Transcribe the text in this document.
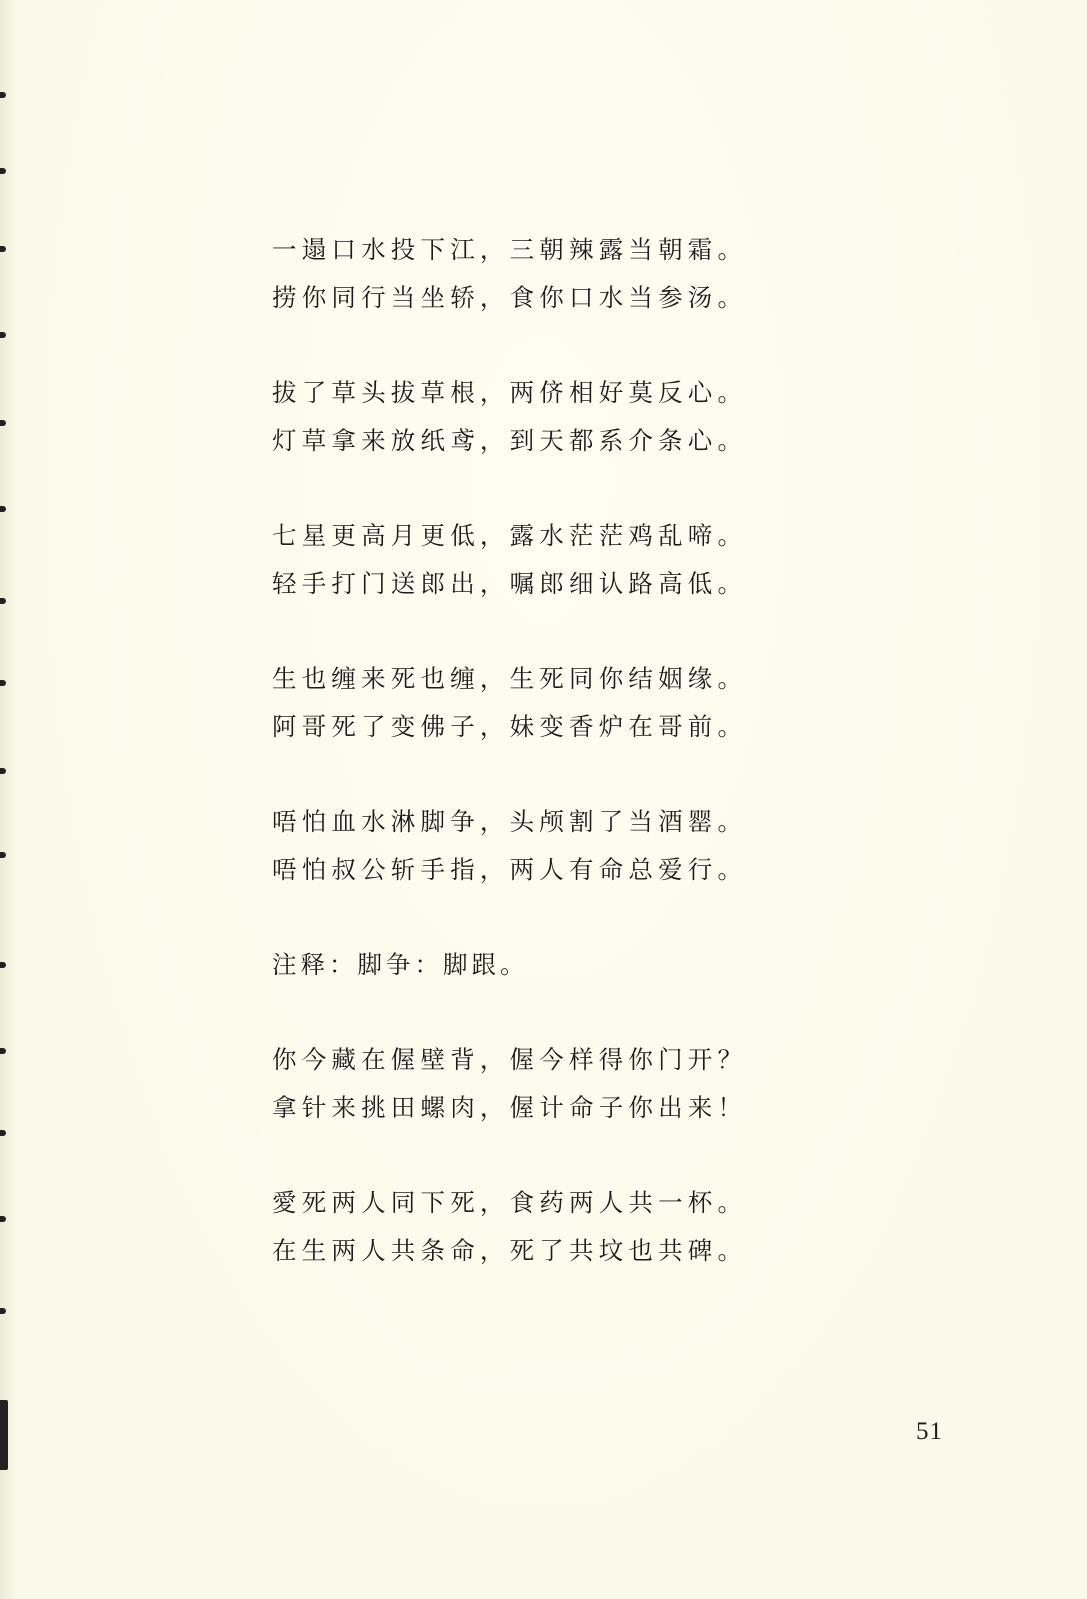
一遢口水投下江，三朝辣露当朝霜。
捞你同行当坐轿，食你口水当参汤。
拔了草头拔草根，两侪相好莫反心。
灯草拿来放纸鸢，到天都系介条心。
七星更高月更低，露水茫茫鸡乱啼。
轻手打门送郎出，嘱郎细认路高低。
生也缠来死也缠，生死同你结姻缘。
阿哥死了变佛子，妹变香炉在哥前。
唔怕血水淋脚争，头颅割了当酒罂。
唔怕叔公斩手指，两人有命总爱行。
注释：脚争：脚跟。
你今藏在偓壁背，偓今样得你门开？
拿针来挑田螺肉，偓计命子你出来！
愛死两人同下死，食药两人共一杯。
在生两人共条命，死了共坟也共碑。
51
